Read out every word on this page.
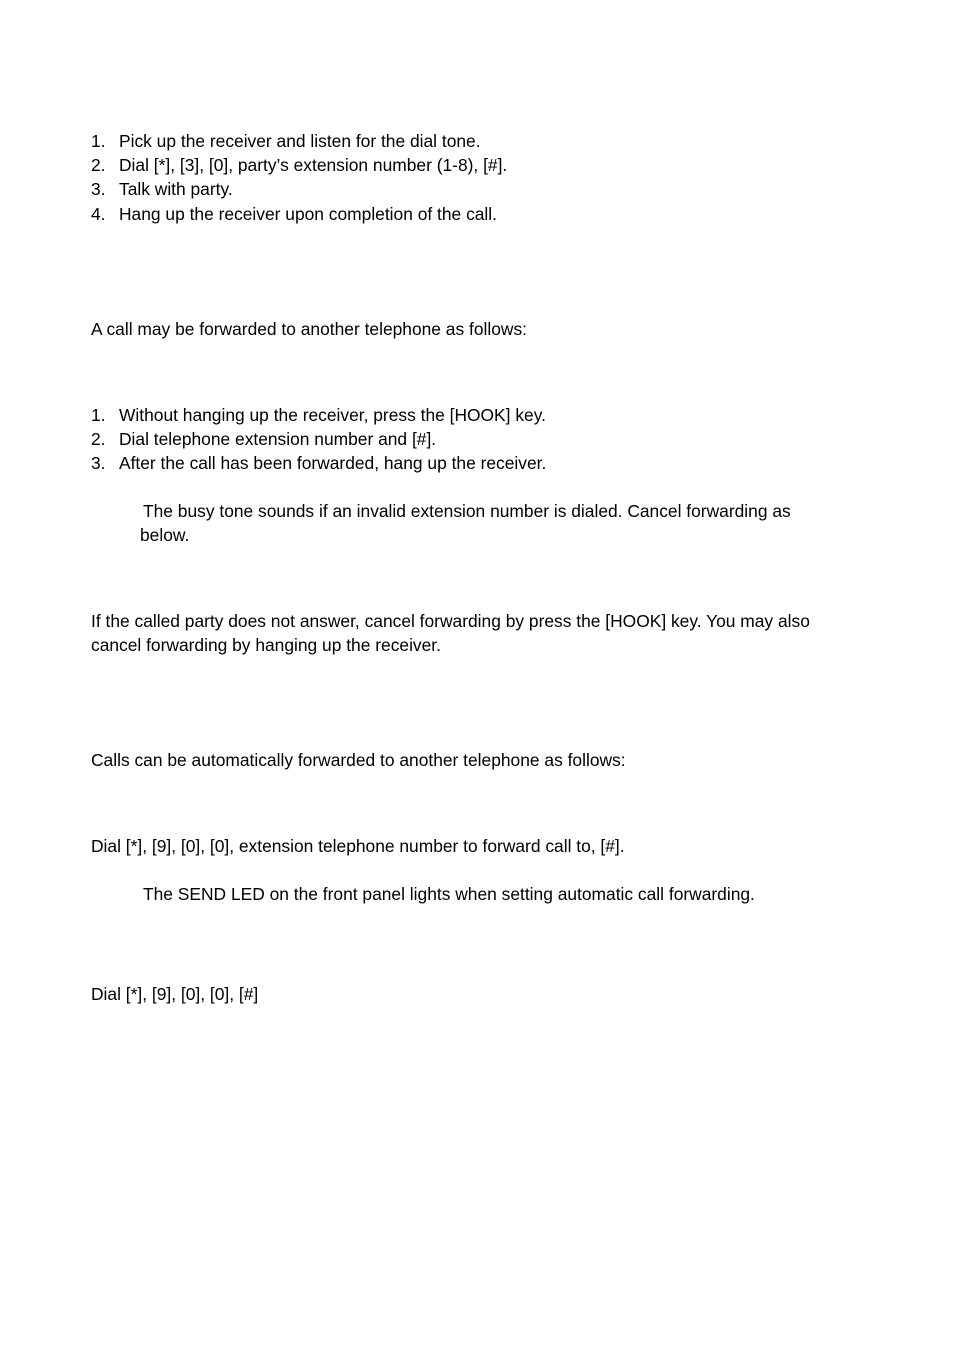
1. Pick up the receiver and listen for the dial tone.
2. Dial [*], [3], [0], party’s extension number (1-8), [#].
3. Talk with party.
4. Hang up the receiver upon completion of the call.

A call may be forwarded to another telephone as follows:

1. Without hanging up the receiver, press the [HOOK] key.
2. Dial telephone extension number and [#].
3. After the call has been forwarded, hang up the receiver.

The busy tone sounds if an invalid extension number is dialed. Cancel forwarding as below.

If the called party does not answer, cancel forwarding by press the [HOOK] key. You may also cancel forwarding by hanging up the receiver.

Calls can be automatically forwarded to another telephone as follows:

Dial [*], [9], [0], [0], extension telephone number to forward call to, [#].

The SEND LED on the front panel lights when setting automatic call forwarding.

Dial [*], [9], [0], [0], [#]
